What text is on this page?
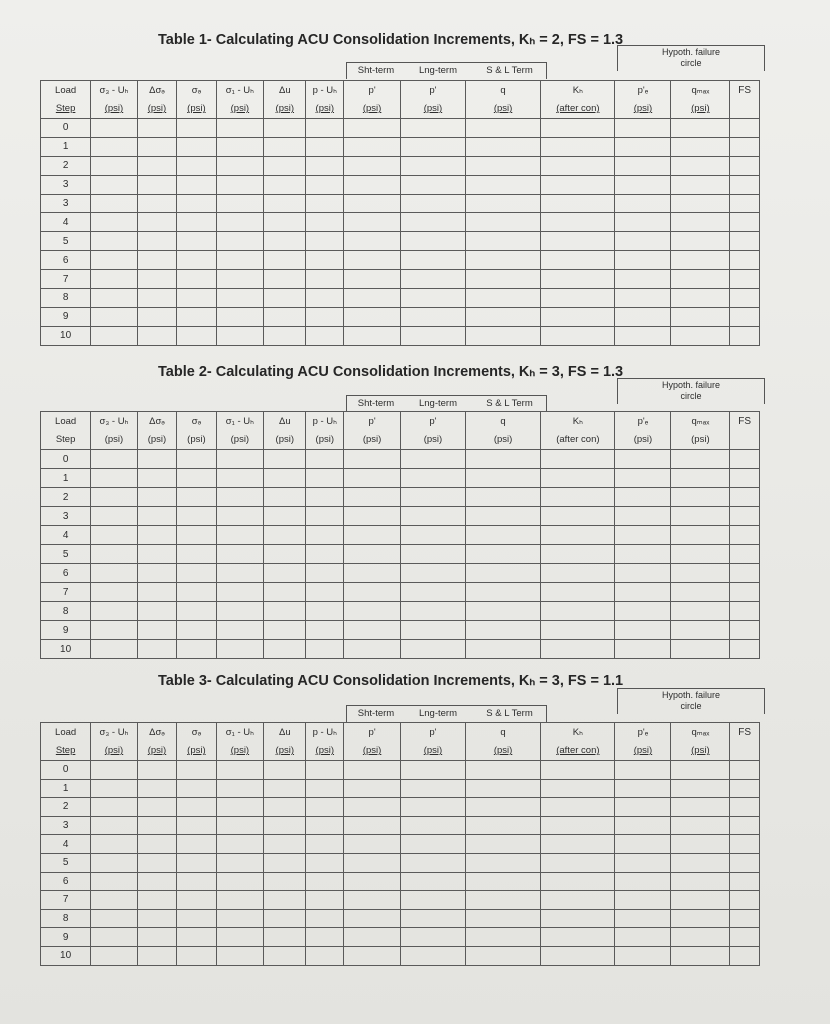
Table 1- Calculating ACU Consolidation Increments, Kₕ = 2, FS = 1.3
Hypoth. failure
circle
Sht-term	Lng-term	S & L Term
Load	σ₃ - Uₕ	Δσₔ	σₔ	σ₁ - Uₕ	Δu	p - Uₕ	p'	p'	q	Kₕ	p'ₑ	qₘₐₓ	FS
Step	(psi)	(psi)	(psi)	(psi)	(psi)	(psi)	(psi)	(psi)	(psi)	(after con)	(psi)	(psi)	
0													
1													
2													
3													
3													
4													
5													
6													
7													
8													
9													
10													
Table 2- Calculating ACU Consolidation Increments, Kₕ = 3, FS = 1.3
Hypoth. failure
circle
Sht-term	Lng-term	S & L Term
Load	σ₃ - Uₕ	Δσₔ	σₔ	σ₁ - Uₕ	Δu	p - Uₕ	p'	p'	q	Kₕ	p'ₑ	qₘₐₓ	FS
Step	(psi)	(psi)	(psi)	(psi)	(psi)	(psi)	(psi)	(psi)	(psi)	(after con)	(psi)	(psi)	
0													
1													
2													
3													
4													
5													
6													
7													
8													
9													
10													
Table 3- Calculating ACU Consolidation Increments, Kₕ = 3, FS = 1.1
Hypoth. failure
circle
Sht-term	Lng-term	S & L Term
Load	σ₃ - Uₕ	Δσₔ	σₔ	σ₁ - Uₕ	Δu	p - Uₕ	p'	p'	q	Kₕ	p'ₑ	qₘₐₓ	FS
Step	(psi)	(psi)	(psi)	(psi)	(psi)	(psi)	(psi)	(psi)	(psi)	(after con)	(psi)	(psi)	
0													
1													
2													
3													
4													
5													
6													
7													
8													
9													
10													
